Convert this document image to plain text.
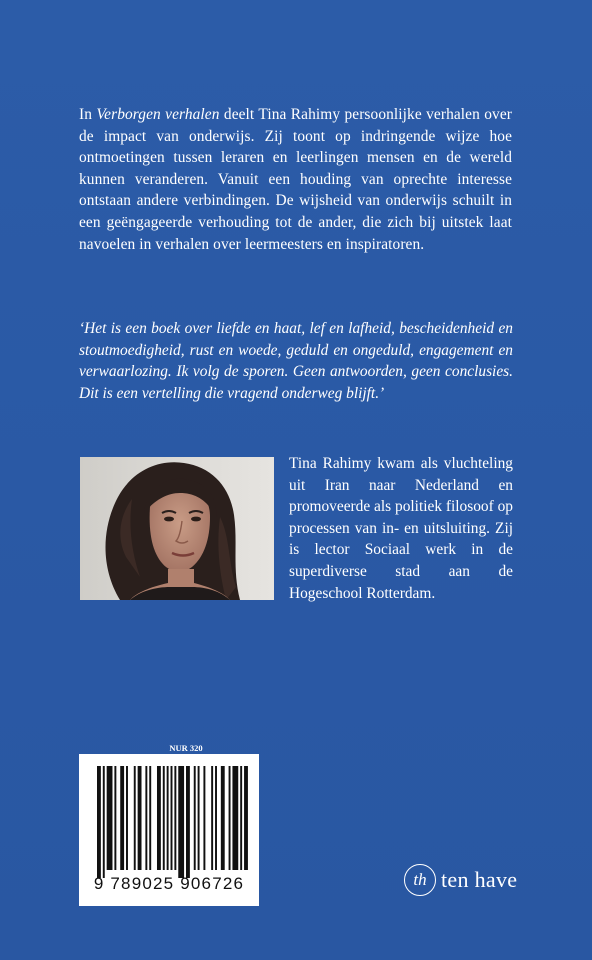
In Verborgen verhalen deelt Tina Rahimy persoonlijke verhalen over de impact van onderwijs. Zij toont op indringende wijze hoe ontmoetingen tussen leraren en leerlingen mensen en de wereld kunnen veranderen. Vanuit een houding van oprechte interesse ontstaan andere verbindingen. De wijsheid van onderwijs schuilt in een geëngageerde verhouding tot de ander, die zich bij uitstek laat navoelen in verhalen over leermeesters en inspiratoren.

‘Het is een boek over liefde en haat, lef en lafheid, bescheidenheid en stoutmoedigheid, rust en woede, geduld en ongeduld, engagement en verwaarlozing. Ik volg de sporen. Geen antwoorden, geen conclusies. Dit is een vertelling die vragend onderweg blijft.’

Tina Rahimy kwam als vluchteling uit Iran naar Nederland en promoveerde als politiek filosoof op processen van in- en uitsluiting. Zij is lector Sociaal werk in de superdiverse stad aan de Hogeschool Rotterdam.

NUR 320
9 789025 906726	th ten have
